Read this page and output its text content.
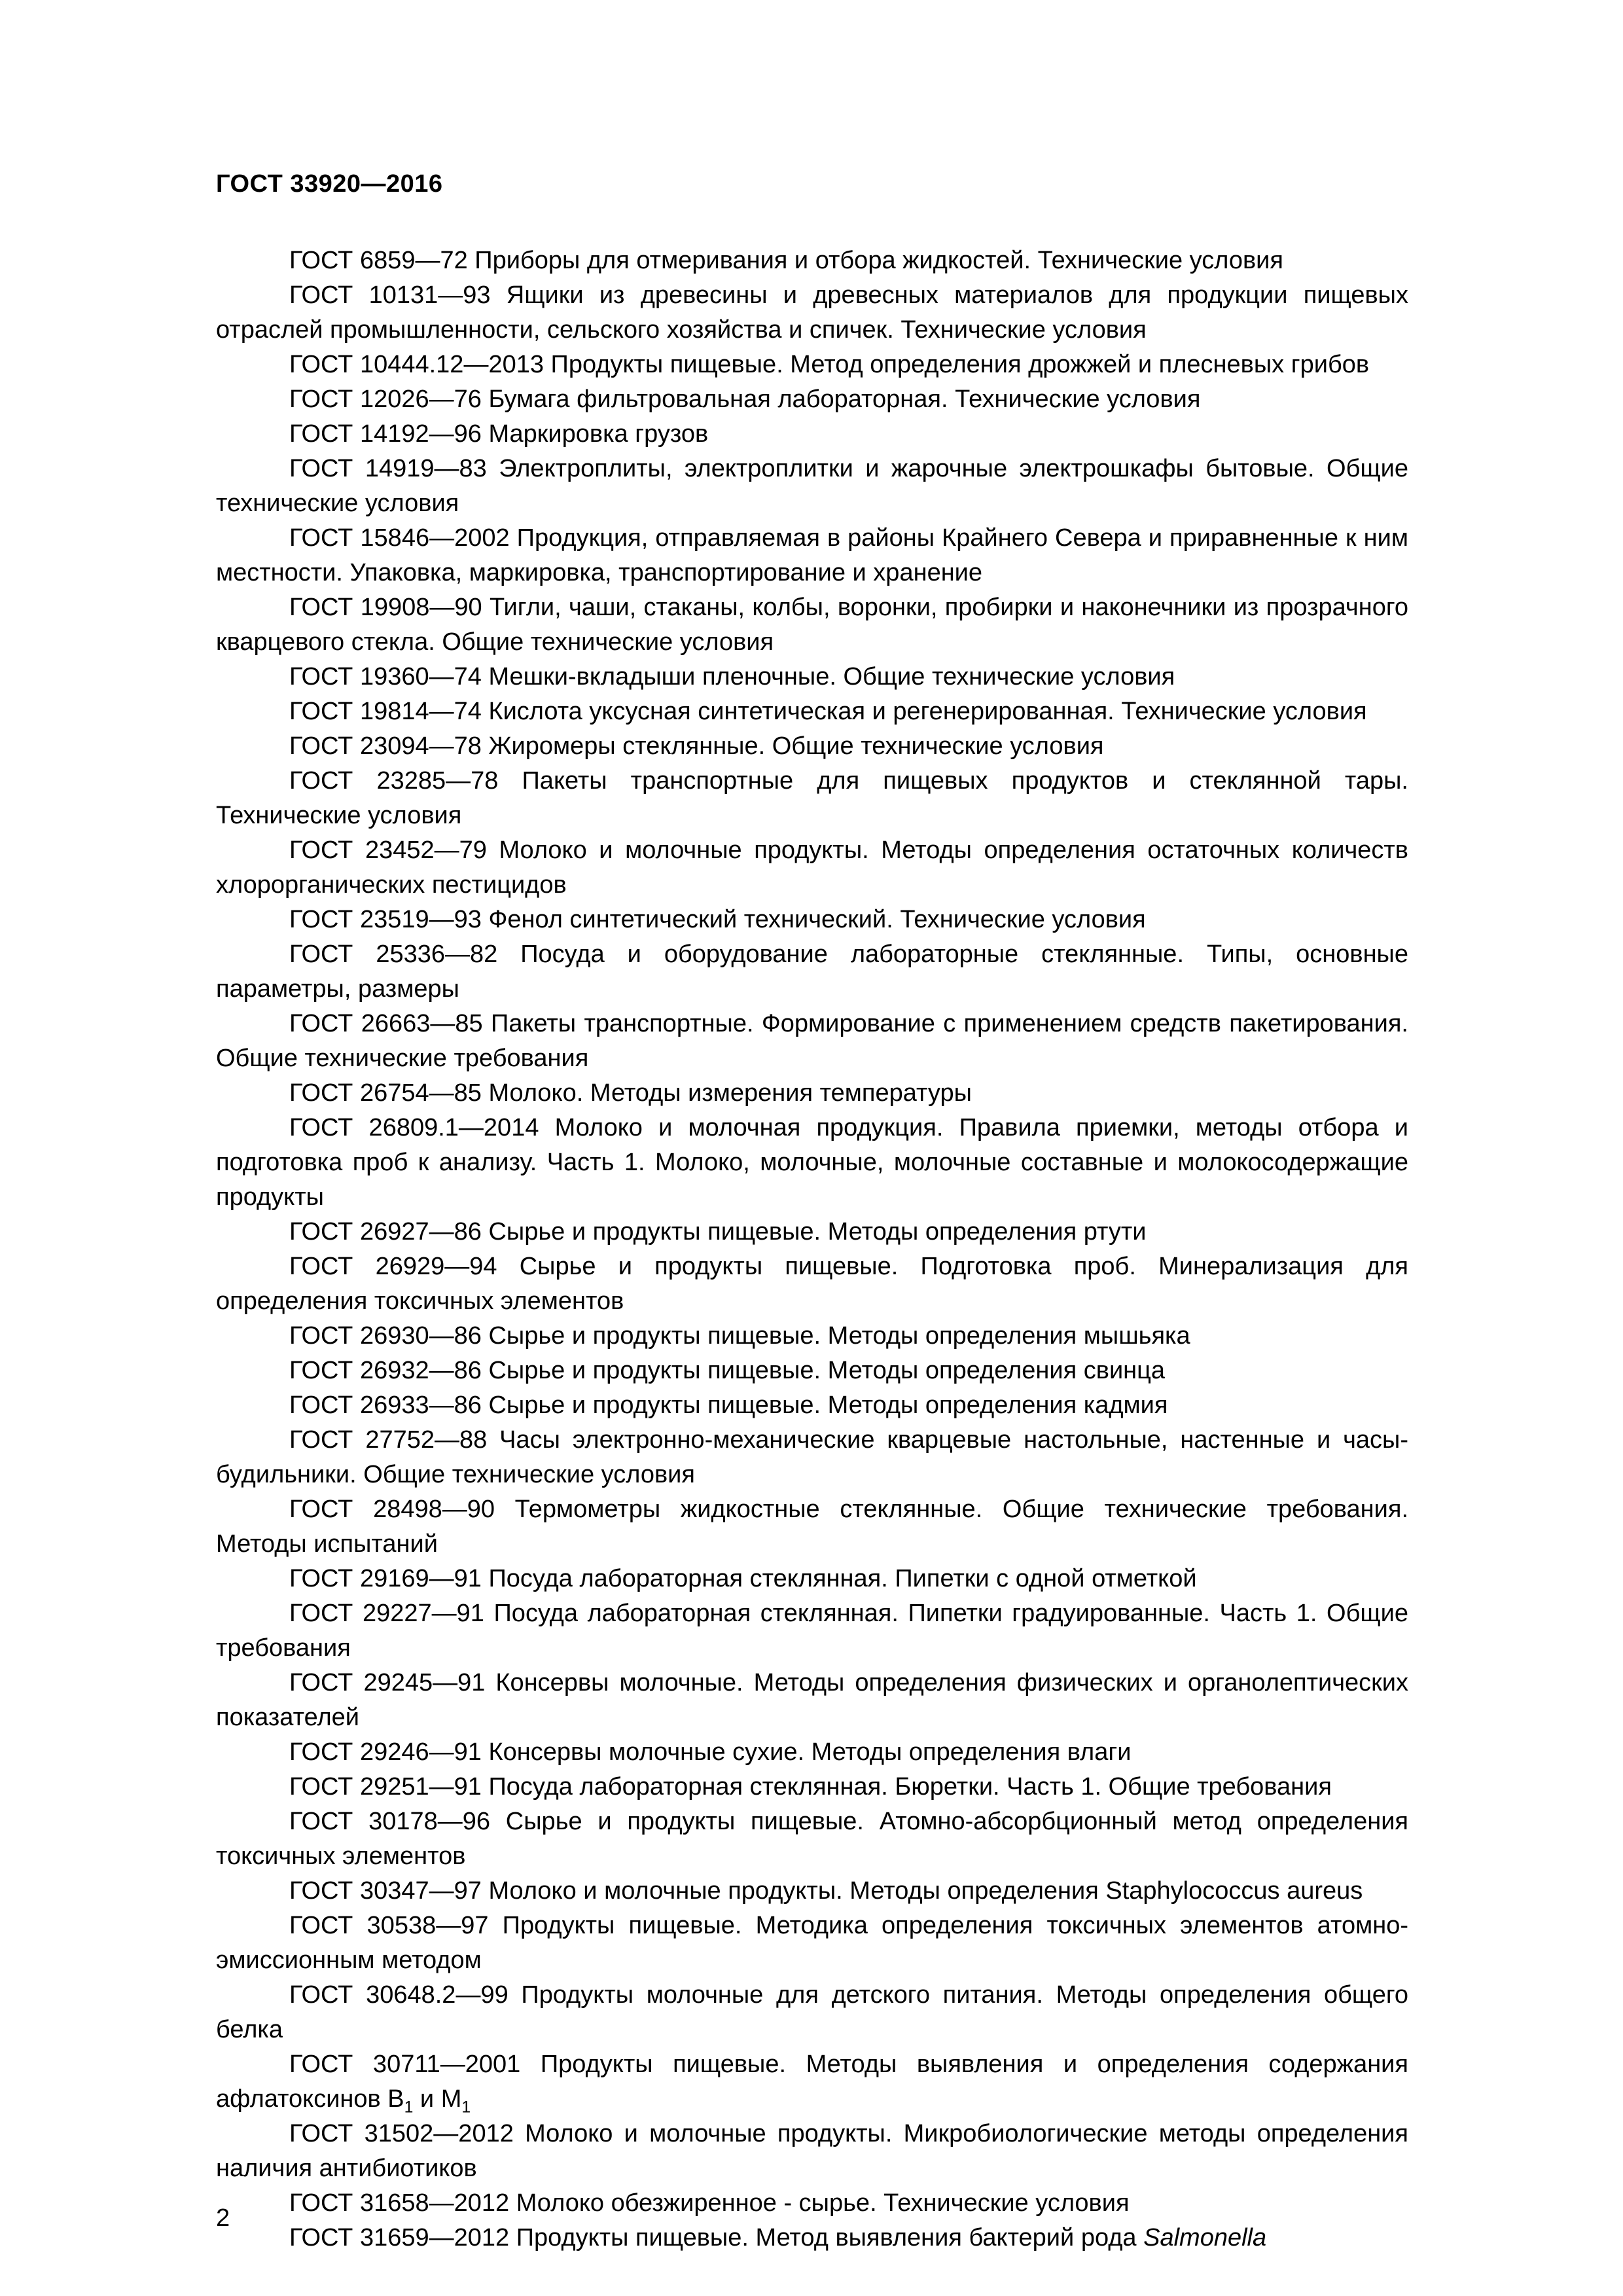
ГОСТ 33920—2016

ГОСТ 6859—72 Приборы для отмеривания и отбора жидкостей. Технические условия

ГОСТ 10131—93 Ящики из древесины и древесных материалов для продукции пищевых отраслей промышленности, сельского хозяйства и спичек. Технические условия

ГОСТ 10444.12—2013 Продукты пищевые. Метод определения дрожжей и плесневых грибов

ГОСТ 12026—76 Бумага фильтровальная лабораторная. Технические условия

ГОСТ 14192—96 Маркировка грузов

ГОСТ 14919—83 Электроплиты, электроплитки и жарочные электрошкафы бытовые. Общие технические условия

ГОСТ 15846—2002 Продукция, отправляемая в районы Крайнего Севера и приравненные к ним местности. Упаковка, маркировка, транспортирование и хранение

ГОСТ 19908—90 Тигли, чаши, стаканы, колбы, воронки, пробирки и наконечники из прозрачного кварцевого стекла. Общие технические условия

ГОСТ 19360—74 Мешки-вкладыши пленочные. Общие технические условия

ГОСТ 19814—74 Кислота уксусная синтетическая и регенерированная. Технические условия

ГОСТ 23094—78 Жиромеры стеклянные. Общие технические условия

ГОСТ 23285—78 Пакеты транспортные для пищевых продуктов и стеклянной тары. Технические условия

ГОСТ 23452—79 Молоко и молочные продукты. Методы определения остаточных количеств хлорорганических пестицидов

ГОСТ 23519—93 Фенол синтетический технический. Технические условия

ГОСТ 25336—82 Посуда и оборудование лабораторные стеклянные. Типы, основные параметры, размеры

ГОСТ 26663—85 Пакеты транспортные. Формирование с применением средств пакетирования. Общие технические требования

ГОСТ 26754—85 Молоко. Методы измерения температуры

ГОСТ 26809.1—2014 Молоко и молочная продукция. Правила приемки, методы отбора и подготовка проб к анализу. Часть 1. Молоко, молочные, молочные составные и молокосодержащие продукты

ГОСТ 26927—86 Сырье и продукты пищевые. Методы определения ртути

ГОСТ 26929—94 Сырье и продукты пищевые. Подготовка проб. Минерализация для определения токсичных элементов

ГОСТ 26930—86 Сырье и продукты пищевые. Методы определения мышьяка

ГОСТ 26932—86 Сырье и продукты пищевые. Методы определения свинца

ГОСТ 26933—86 Сырье и продукты пищевые. Методы определения кадмия

ГОСТ 27752—88 Часы электронно-механические кварцевые настольные, настенные и часы-будильники. Общие технические условия

ГОСТ 28498—90 Термометры жидкостные стеклянные. Общие технические требования. Методы испытаний

ГОСТ 29169—91 Посуда лабораторная стеклянная. Пипетки с одной отметкой

ГОСТ 29227—91 Посуда лабораторная стеклянная. Пипетки градуированные. Часть 1. Общие требования

ГОСТ 29245—91 Консервы молочные. Методы определения физических и органолептических показателей

ГОСТ 29246—91 Консервы молочные сухие. Методы определения влаги

ГОСТ 29251—91 Посуда лабораторная стеклянная. Бюретки. Часть 1. Общие требования

ГОСТ 30178—96 Сырье и продукты пищевые. Атомно-абсорбционный метод определения токсичных элементов

ГОСТ 30347—97 Молоко и молочные продукты. Методы определения Staphylococcus aureus

ГОСТ 30538—97 Продукты пищевые. Методика определения токсичных элементов атомно-эмиссионным методом

ГОСТ 30648.2—99 Продукты молочные для детского питания. Методы определения общего белка

ГОСТ 30711—2001 Продукты пищевые. Методы выявления и определения содержания афлатоксинов $В_1$ и $М_1$

ГОСТ 31502—2012 Молоко и молочные продукты. Микробиологические методы определения наличия антибиотиков

ГОСТ 31658—2012 Молоко обезжиренное - сырье. Технические условия

ГОСТ 31659—2012 Продукты пищевые. Метод выявления бактерий рода Salmonella

2
